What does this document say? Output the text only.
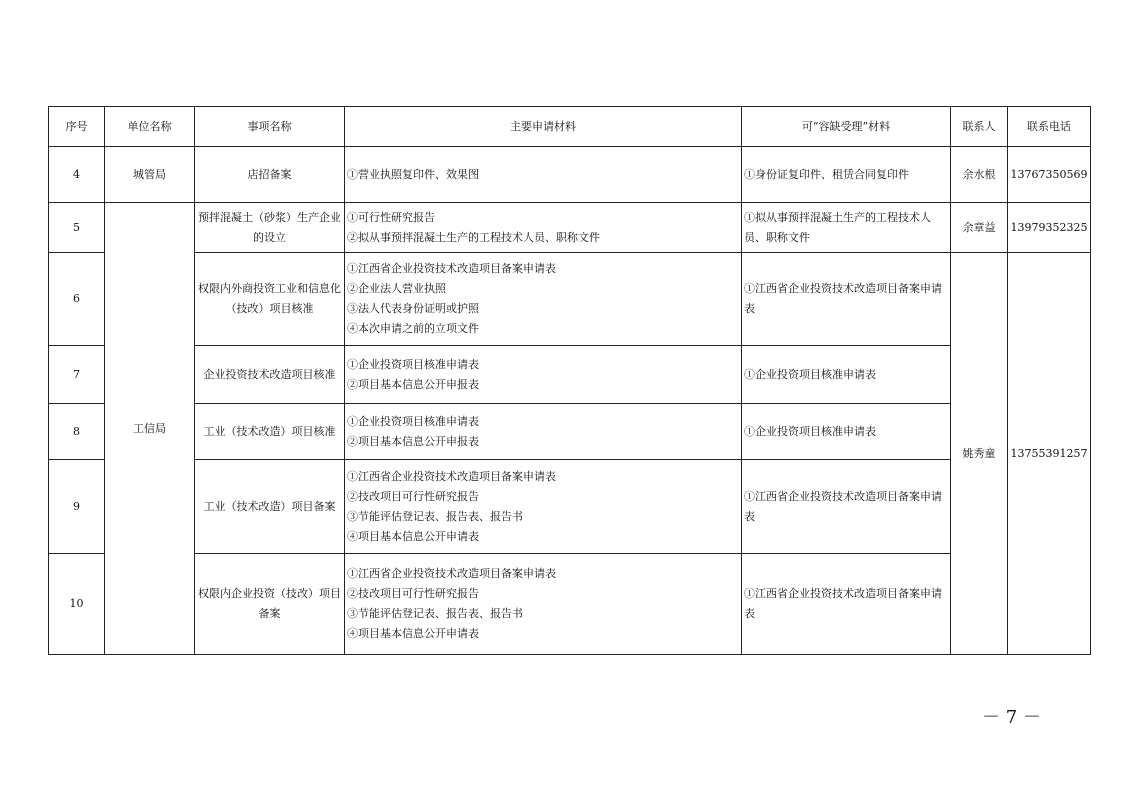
序号	单位名称	事项名称	主要申请材料	可“容缺受理”材料	联系人	联系电话
4	城管局	店招备案	①营业执照复印件、效果图	①身份证复印件、租赁合同复印件	余水根	13767350569
5	工信局	预拌混凝土（砂浆）生产企业的设立	①可行性研究报告
②拟从事预拌混凝土生产的工程技术人员、职称文件	①拟从事预拌混凝土生产的工程技术人员、职称文件	余章益	13979352325
6		权限内外商投资工业和信息化（技改）项目核准	①江西省企业投资技术改造项目备案申请表
②企业法人营业执照
③法人代表身份证明或护照
④本次申请之前的立项文件	①江西省企业投资技术改造项目备案申请表	姚秀童	13755391257
7		企业投资技术改造项目核准	①企业投资项目核准申请表
②项目基本信息公开申报表	①企业投资项目核准申请表		
8		工业（技术改造）项目核准	①企业投资项目核准申请表
②项目基本信息公开申报表	①企业投资项目核准申请表		
9		工业（技术改造）项目备案	①江西省企业投资技术改造项目备案申请表
②技改项目可行性研究报告
③节能评估登记表、报告表、报告书
④项目基本信息公开申请表	①江西省企业投资技术改造项目备案申请表		
10		权限内企业投资（技改）项目备案	①江西省企业投资技术改造项目备案申请表
②技改项目可行性研究报告
③节能评估登记表、报告表、报告书
④项目基本信息公开申请表	①江西省企业投资技术改造项目备案申请表		
－ 7 －
